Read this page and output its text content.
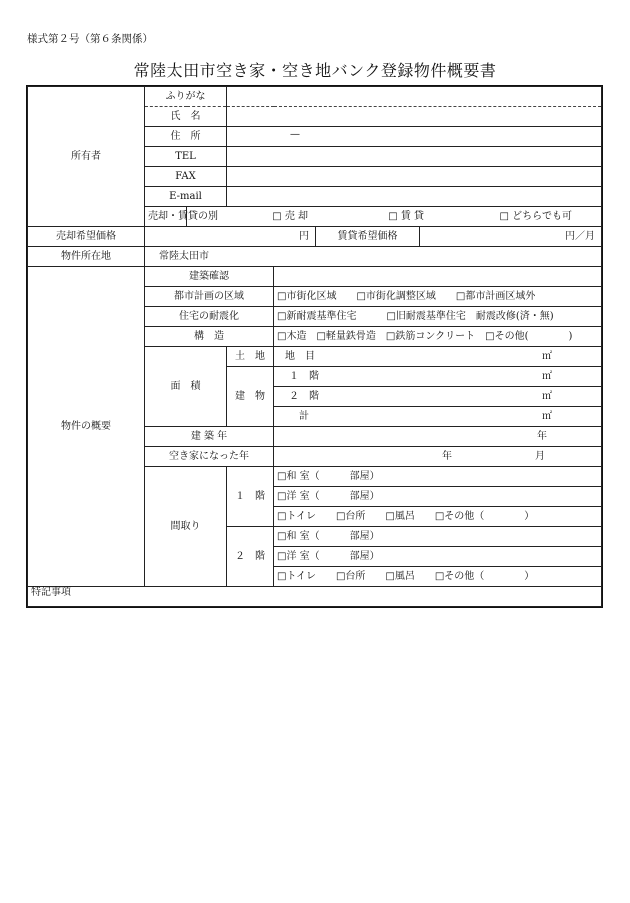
様式第２号（第６条関係）
常陸太田市空き家・空き地バンク登録物件概要書
所有者	ふりがな			
	氏　名			
	住　所		—	

	TEL			
	FAX			
	E-mail			
	売却・賃貸の別	□ 売 却 □ 賃 貸 □ どちらでも可		
売却希望価格	円 賃貸希望価格 円／月			

物件所在地	常陸太田市			
物件の概要	建築確認			
	都市計画の区域			□市街化区域　　 □市街化調整区域　　 □都市計画区域外
	住宅の耐震化			□新耐震基準住宅　　　 □旧耐震基準住宅　 耐震改修(済・無)
	構　造			□木造　 □軽量鉄骨造　 □鉄筋コンクリート　 □その他(　　　　)
	面　積		土　地	地　目 ㎡

			建　物	１　階 ㎡

				２　階 ㎡

				計 ㎡

	建 築 年			年
	空き家になった年			年 月
	間取り		１　階	□和 室（　　　部屋）
				□洋 室（　　　部屋）
				□トイレ　　 □台所　　 □風呂　　 □その他（　　　　）
			２　階	□和 室（　　　部屋）
				□洋 室（　　　部屋）
				□トイレ　　 □台所　　 □風呂　　 □その他（　　　　）
特記事項				
